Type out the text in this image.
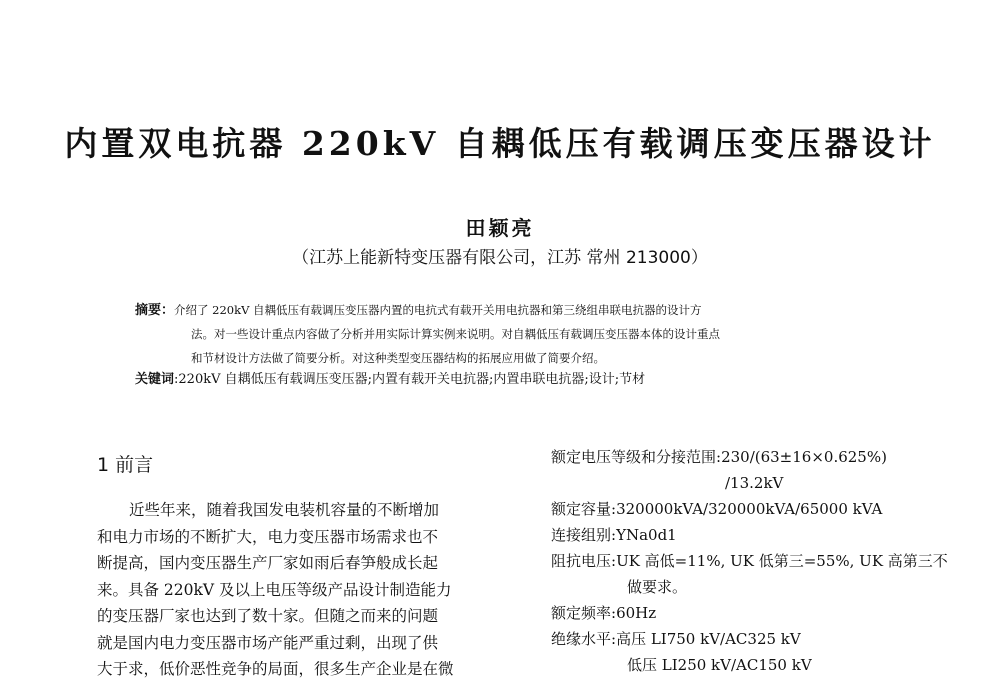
内置双电抗器 220kV 自耦低压有载调压变压器设计
田颖亮
（江苏上能新特变压器有限公司，江苏 常州 213000）
摘要：介绍了 220kV 自耦低压有载调压变压器内置的电抗式有载开关用电抗器和第三绕组串联电抗器的设计方
法。对一些设计重点内容做了分析并用实际计算实例来说明。对自耦低压有载调压变压器本体的设计重点
和节材设计方法做了简要分析。对这种类型变压器结构的拓展应用做了简要介绍。
关键词:220kV 自耦低压有载调压变压器;内置有载开关电抗器;内置串联电抗器;设计;节材
1 前言
近些年来，随着我国发电装机容量的不断增加
和电力市场的不断扩大，电力变压器市场需求也不
断提高，国内变压器生产厂家如雨后春笋般成长起
来。具备 220kV 及以上电压等级产品设计制造能力
的变压器厂家也达到了数十家。但随之而来的问题
就是国内电力变压器市场产能严重过剩，出现了供
大于求，低价恶性竞争的局面，很多生产企业是在微
额定电压等级和分接范围: 230/(63±16×0.625%)
/13.2kV
额定容量: 320000kVA/320000kVA/65000 kVA
连接组别: YNa0d1
阻抗电压: UK 高低=11%, UK 低第三=55%, UK 高第三不
做要求。
额定频率: 60Hz
绝缘水平: 高压 LI750 kV/AC325 kV
低压 LI250 kV/AC150 kV
